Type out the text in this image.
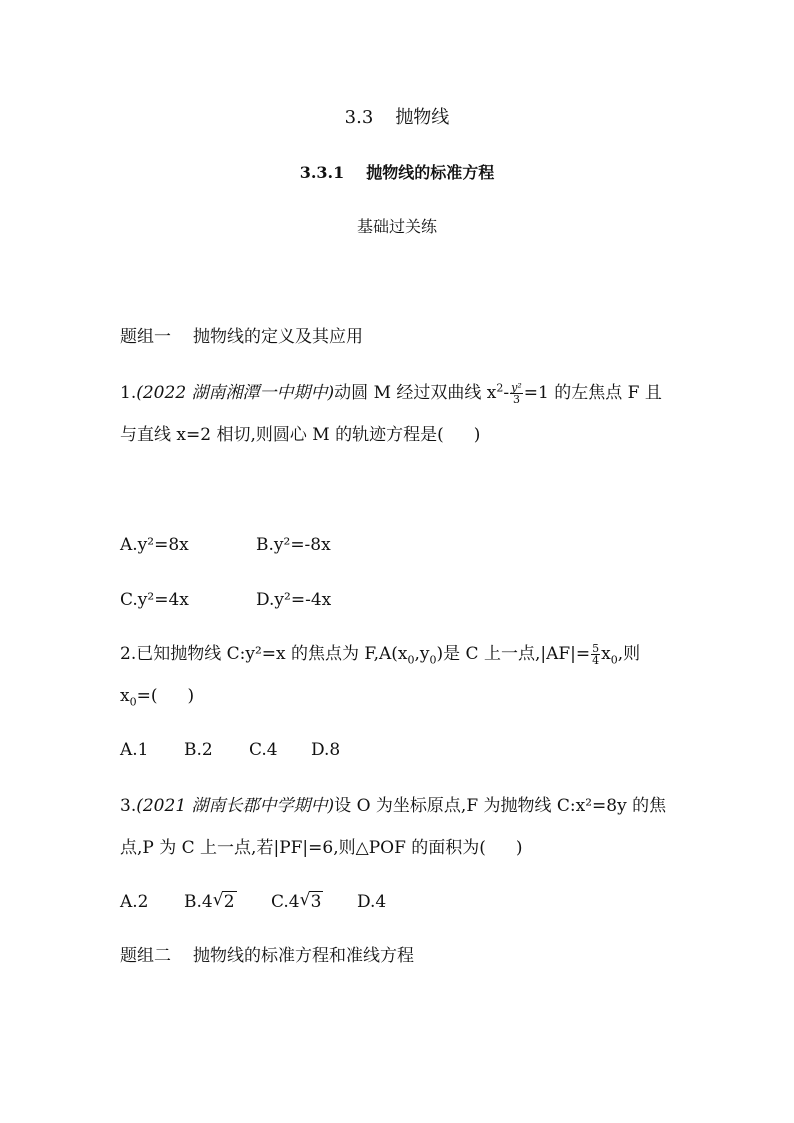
3.3 抛物线
3.3.1 抛物线的标准方程
基础过关练
题组一 抛物线的定义及其应用
1.(2022 湖南湘潭一中期中)动圆 M 经过双曲线 $x^2- \frac{\text{y²}}{3} =1$ 的左焦点 F 且
与直线 x=2 相切,则圆心 M 的轨迹方程是( )
A.y²=8x	B.y²=-8x
C.y²=4x	D.y²=-4x
2.已知抛物线 C:y²=x 的焦点为 $F,A(x_0,y_0)$是 C 上一点$,|AF|= \frac{5}{4} x_0$,则
$x_0=$( )
A.1 B.2 C.4 D.8
3.(2021 湖南长郡中学期中)设 O 为坐标原点,F 为抛物线 C:x²=8y 的焦
点,P 为 C 上一点,若|PF|=6,则△POF 的面积为( )
A.2 B.4 √ 2 C.4 √ 3 D.4
题组二 抛物线的标准方程和准线方程
